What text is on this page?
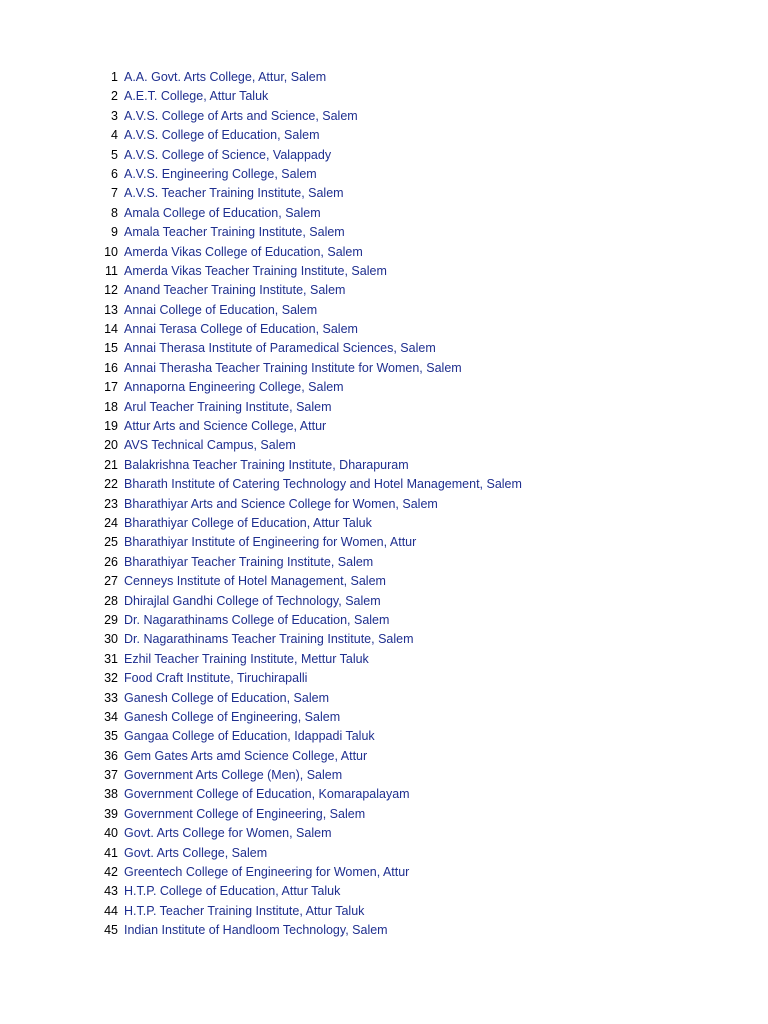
1 A.A. Govt. Arts College, Attur, Salem
2 A.E.T. College, Attur Taluk
3 A.V.S. College of Arts and Science, Salem
4 A.V.S. College of Education, Salem
5 A.V.S. College of Science, Valappady
6 A.V.S. Engineering College, Salem
7 A.V.S. Teacher Training Institute, Salem
8 Amala College of Education, Salem
9 Amala Teacher Training Institute, Salem
10 Amerda Vikas College of Education, Salem
11 Amerda Vikas Teacher Training Institute, Salem
12 Anand Teacher Training Institute, Salem
13 Annai College of Education, Salem
14 Annai Terasa College of Education, Salem
15 Annai Therasa Institute of Paramedical Sciences, Salem
16 Annai Therasha Teacher Training Institute for Women, Salem
17 Annaporna Engineering College, Salem
18 Arul Teacher Training Institute, Salem
19 Attur Arts and Science College, Attur
20 AVS Technical Campus, Salem
21 Balakrishna Teacher Training Institute, Dharapuram
22 Bharath Institute of Catering Technology and Hotel Management, Salem
23 Bharathiyar Arts and Science College for Women, Salem
24 Bharathiyar College of Education, Attur Taluk
25 Bharathiyar Institute of Engineering for Women, Attur
26 Bharathiyar Teacher Training Institute, Salem
27 Cenneys Institute of Hotel Management, Salem
28 Dhirajlal Gandhi College of Technology, Salem
29 Dr. Nagarathinams College of Education, Salem
30 Dr. Nagarathinams Teacher Training Institute, Salem
31 Ezhil Teacher Training Institute, Mettur Taluk
32 Food Craft Institute, Tiruchirapalli
33 Ganesh College of Education, Salem
34 Ganesh College of Engineering, Salem
35 Gangaa College of Education, Idappadi Taluk
36 Gem Gates Arts amd Science College, Attur
37 Government Arts College (Men), Salem
38 Government College of Education, Komarapalayam
39 Government College of Engineering, Salem
40 Govt. Arts College for Women, Salem
41 Govt. Arts College, Salem
42 Greentech College of Engineering for Women, Attur
43 H.T.P. College of Education, Attur Taluk
44 H.T.P. Teacher Training Institute, Attur Taluk
45 Indian Institute of Handloom Technology, Salem
